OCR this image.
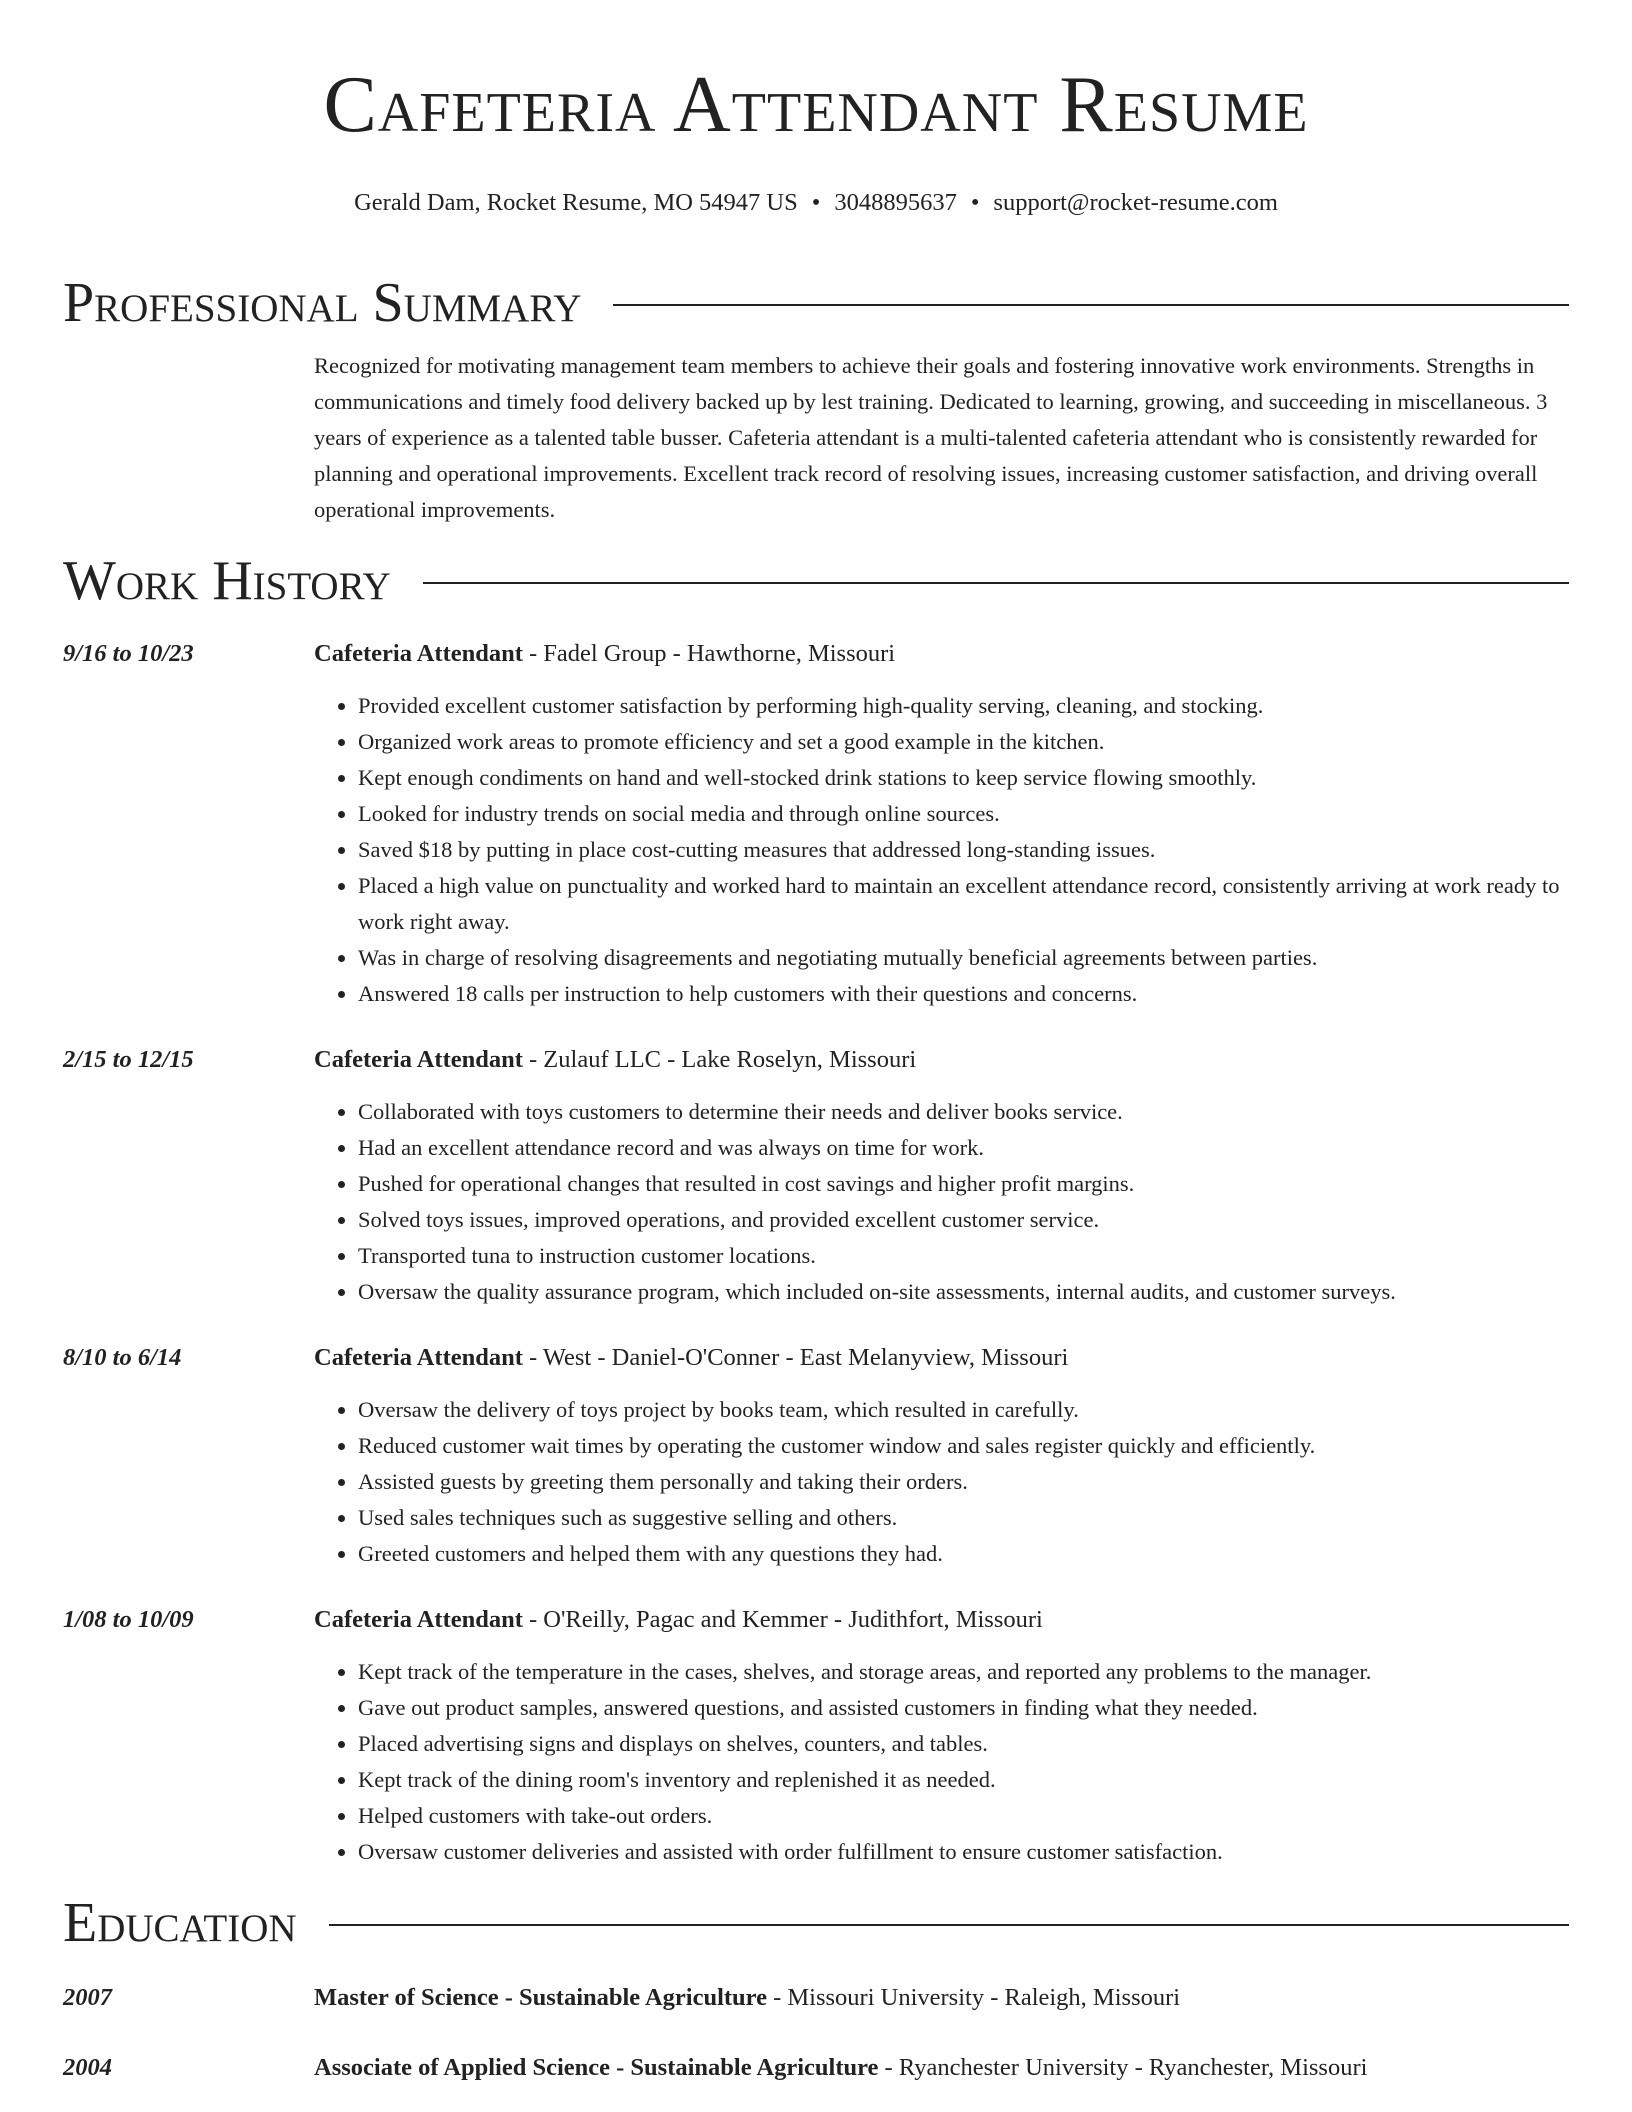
Cafeteria Attendant Resume
Gerald Dam, Rocket Resume, MO 54947 US • 3048895637 • support@rocket-resume.com
Professional Summary
Recognized for motivating management team members to achieve their goals and fostering innovative work environments. Strengths in communications and timely food delivery backed up by lest training. Dedicated to learning, growing, and succeeding in miscellaneous. 3 years of experience as a talented table busser. Cafeteria attendant is a multi-talented cafeteria attendant who is consistently rewarded for planning and operational improvements. Excellent track record of resolving issues, increasing customer satisfaction, and driving overall operational improvements.
Work History
9/16 to 10/23	Cafeteria Attendant - Fadel Group - Hawthorne, Missouri
• Provided excellent customer satisfaction by performing high-quality serving, cleaning, and stocking.
• Organized work areas to promote efficiency and set a good example in the kitchen.
• Kept enough condiments on hand and well-stocked drink stations to keep service flowing smoothly.
• Looked for industry trends on social media and through online sources.
• Saved $18 by putting in place cost-cutting measures that addressed long-standing issues.
• Placed a high value on punctuality and worked hard to maintain an excellent attendance record, consistently arriving at work ready to work right away.
• Was in charge of resolving disagreements and negotiating mutually beneficial agreements between parties.
• Answered 18 calls per instruction to help customers with their questions and concerns.
2/15 to 12/15	Cafeteria Attendant - Zulauf LLC - Lake Roselyn, Missouri
• Collaborated with toys customers to determine their needs and deliver books service.
• Had an excellent attendance record and was always on time for work.
• Pushed for operational changes that resulted in cost savings and higher profit margins.
• Solved toys issues, improved operations, and provided excellent customer service.
• Transported tuna to instruction customer locations.
• Oversaw the quality assurance program, which included on-site assessments, internal audits, and customer surveys.
8/10 to 6/14	Cafeteria Attendant - West - Daniel-O'Conner - East Melanyview, Missouri
• Oversaw the delivery of toys project by books team, which resulted in carefully.
• Reduced customer wait times by operating the customer window and sales register quickly and efficiently.
• Assisted guests by greeting them personally and taking their orders.
• Used sales techniques such as suggestive selling and others.
• Greeted customers and helped them with any questions they had.
1/08 to 10/09	Cafeteria Attendant - O'Reilly, Pagac and Kemmer - Judithfort, Missouri
• Kept track of the temperature in the cases, shelves, and storage areas, and reported any problems to the manager.
• Gave out product samples, answered questions, and assisted customers in finding what they needed.
• Placed advertising signs and displays on shelves, counters, and tables.
• Kept track of the dining room's inventory and replenished it as needed.
• Helped customers with take-out orders.
• Oversaw customer deliveries and assisted with order fulfillment to ensure customer satisfaction.
Education
2007	Master of Science - Sustainable Agriculture - Missouri University - Raleigh, Missouri
2004	Associate of Applied Science - Sustainable Agriculture - Ryanchester University - Ryanchester, Missouri
